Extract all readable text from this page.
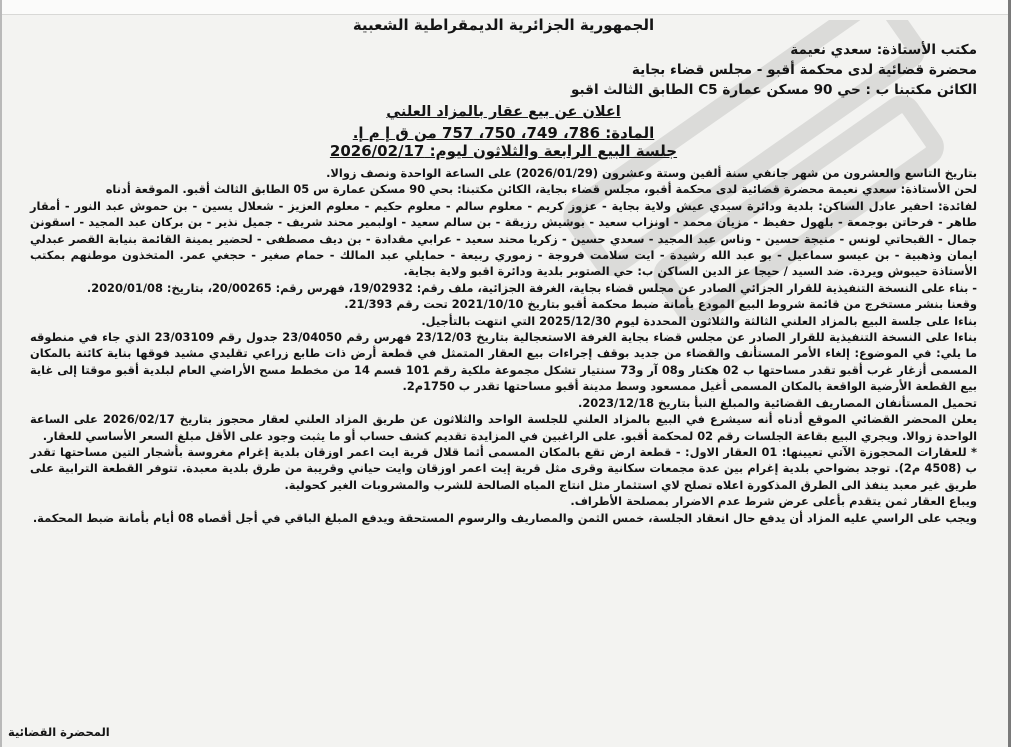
الجمهورية الجزائرية الديمقراطية الشعبية

مكتب الأستاذة: سعدي نعيمة

محضرة قضائية لدى محكمة أقبو - مجلس قضاء بجاية

الكائن مكتبنا ب : حي 90 مسكن عمارة C5 الطابق الثالث اقبو

اعلان عن بيع عقار بالمزاد العلني
المادة: 786، 749، 750، 757 من ق إ م إ.
جلسة البيع الرابعة والثلاثون ليوم: 2026/02/17

بتاريخ التاسع والعشرون من شهر جانفي سنة ألفين وستة وعشرون (2026/01/29) على الساعة الواحدة ونصف زوالا.

لحن الأستاذة: سعدي نعيمة محضرة قضائية لدى محكمة أقبو، مجلس قضاء بجاية، الكائن مكتبنا: بحي 90 مسكن عمارة س 05 الطابق الثالث أقبو. الموقعة أدناه

لفائدة: احفير عادل الساكن: بلدية ودائرة سيدي عيش ولاية بجاية - عزوز كريم - معلوم سالم - معلوم حكيم - معلوم العزيز - شعلال يسين - بن حموش عبد النور - أمقار طاهر - فرحاتن بوجمعة - بلهول حفيظ - مزيان محمد - اونزاب سعيد - بوشيش رزيقة - بن سالم سعيد - اولبمير محند شريف - جميل نذير - بن بركان عبد المجيد - اسقونن جمال - القبحاتي لونس - منيجة حسين - وناس عبد المجيد - سعدي حسين - زكريا محند سعيد - عرابي مقدادة - بن ديف مصطفى - لحضير يمينة القائمة بنيابة القصر عبدلي ايمان وذهبية - بن عيسو سماعيل - بو عبد الله رشيدة - ايت سلامت فروجة - زموري ربيعة - حمايلي عبد المالك - حمام صغير - حجغي عمر. المتخذون موطنهم بمكتب الأستاذة حيبوش ويردة. ضد السيد / حيجا عز الدين الساكن ب: حي الصتوبر بلدية ودائرة اقبو ولاية بجاية.

- بناء على النسخة التنفيذية للقرار الجزائي الصادر عن مجلس قضاء بجاية، الغرفة الجزائية، ملف رقم: 19/02932، فهرس رقم: 20/00265، بتاريخ: 2020/01/08.

وقعنا بنشر مستخرج من قائمة شروط البيع المودع بأمانة ضبط محكمة أقبو بتاريخ 2021/10/10 تحت رقم 21/393.

بناءا على جلسة البيع بالمزاد العلني الثالثة والثلاثون المحددة ليوم 2025/12/30 التي انتهت بالتأجيل.

بناءا على النسخة التنفيذية للقرار الصادر عن مجلس قضاء بجاية الغرفة الاستعجالية بتاريخ 23/12/03 فهرس رقم 23/04050 جدول رقم 23/03109 الذي جاء في منطوقه ما يلي: في الموضوع: إلغاء الأمر المستأنف والقضاء من جديد بوقف إجراءات بيع العقار المتمثل في قطعة أرض ذات طابع زراعي تقليدي مشيد فوقها بناية كائنة بالمكان المسمى أزغار غرب أقبو تقدر مساحتها ب 02 هكتار و08 آر و73 سنتيار تشكل مجموعة ملكية رقم 101 قسم 14 من مخطط مسح الأراضي العام لبلدية أقبو موقتا إلى غاية بيع القطعة الأرضية الواقعة بالمكان المسمى أغيل ممسعود وسط مدينة أقبو مساحتها تقدر ب 1750م2.

تحميل المستأنفان المصاريف القضائية والمبلغ النبأ بتاريخ 2023/12/18.

يعلن المحضر القضائي الموقع أدناه أنه سيشرع في البيع بالمزاد العلني للجلسة الواحد والثلاثون عن طريق المزاد العلني لعقار محجوز بتاريخ 2026/02/17 على الساعة الواحدة زوالا. ويجري البيع بقاعة الجلسات رقم 02 لمحكمة أقبو. على الراغبين في المزايدة تقديم كشف حساب أو ما يثبت وجود على الأقل مبلغ السعر الأساسي للعقار.

* للعقارات المحجوزة الآتي تعيينها: 01 العقار الاول: - قطعة ارض تقع بالمكان المسمى أثما قلال قرية ايت اعمر اوزقان بلدية إغرام مغروسة بأشجار التين مساحتها تقدر ب (4508 م2). توجد بضواحي بلدية إغرام بين عدة مجمعات سكانية وقرى مثل قرية إيت اعمر اوزقان وايت حياني وقريبة من طرق بلدية معبدة. تتوفر القطعة الترابية على طريق غير معبد ينفذ الى الطرق المذكورة اعلاه تصلح لاي استثمار مثل انتاج المياه الصالحة للشرب والمشروبات الغير كحولية.

ويباع العقار ثمن يتقدم بأعلى عرض شرط عدم الاضرار بمصلحة الأطراف.

ويجب على الراسي عليه المزاد أن يدفع حال انعقاد الجلسة، خمس الثمن والمصاريف والرسوم المستحقة ويدفع المبلغ الباقي في أجل أقصاه 08 أيام بأمانة ضبط المحكمة.

المحضرة القضائية
